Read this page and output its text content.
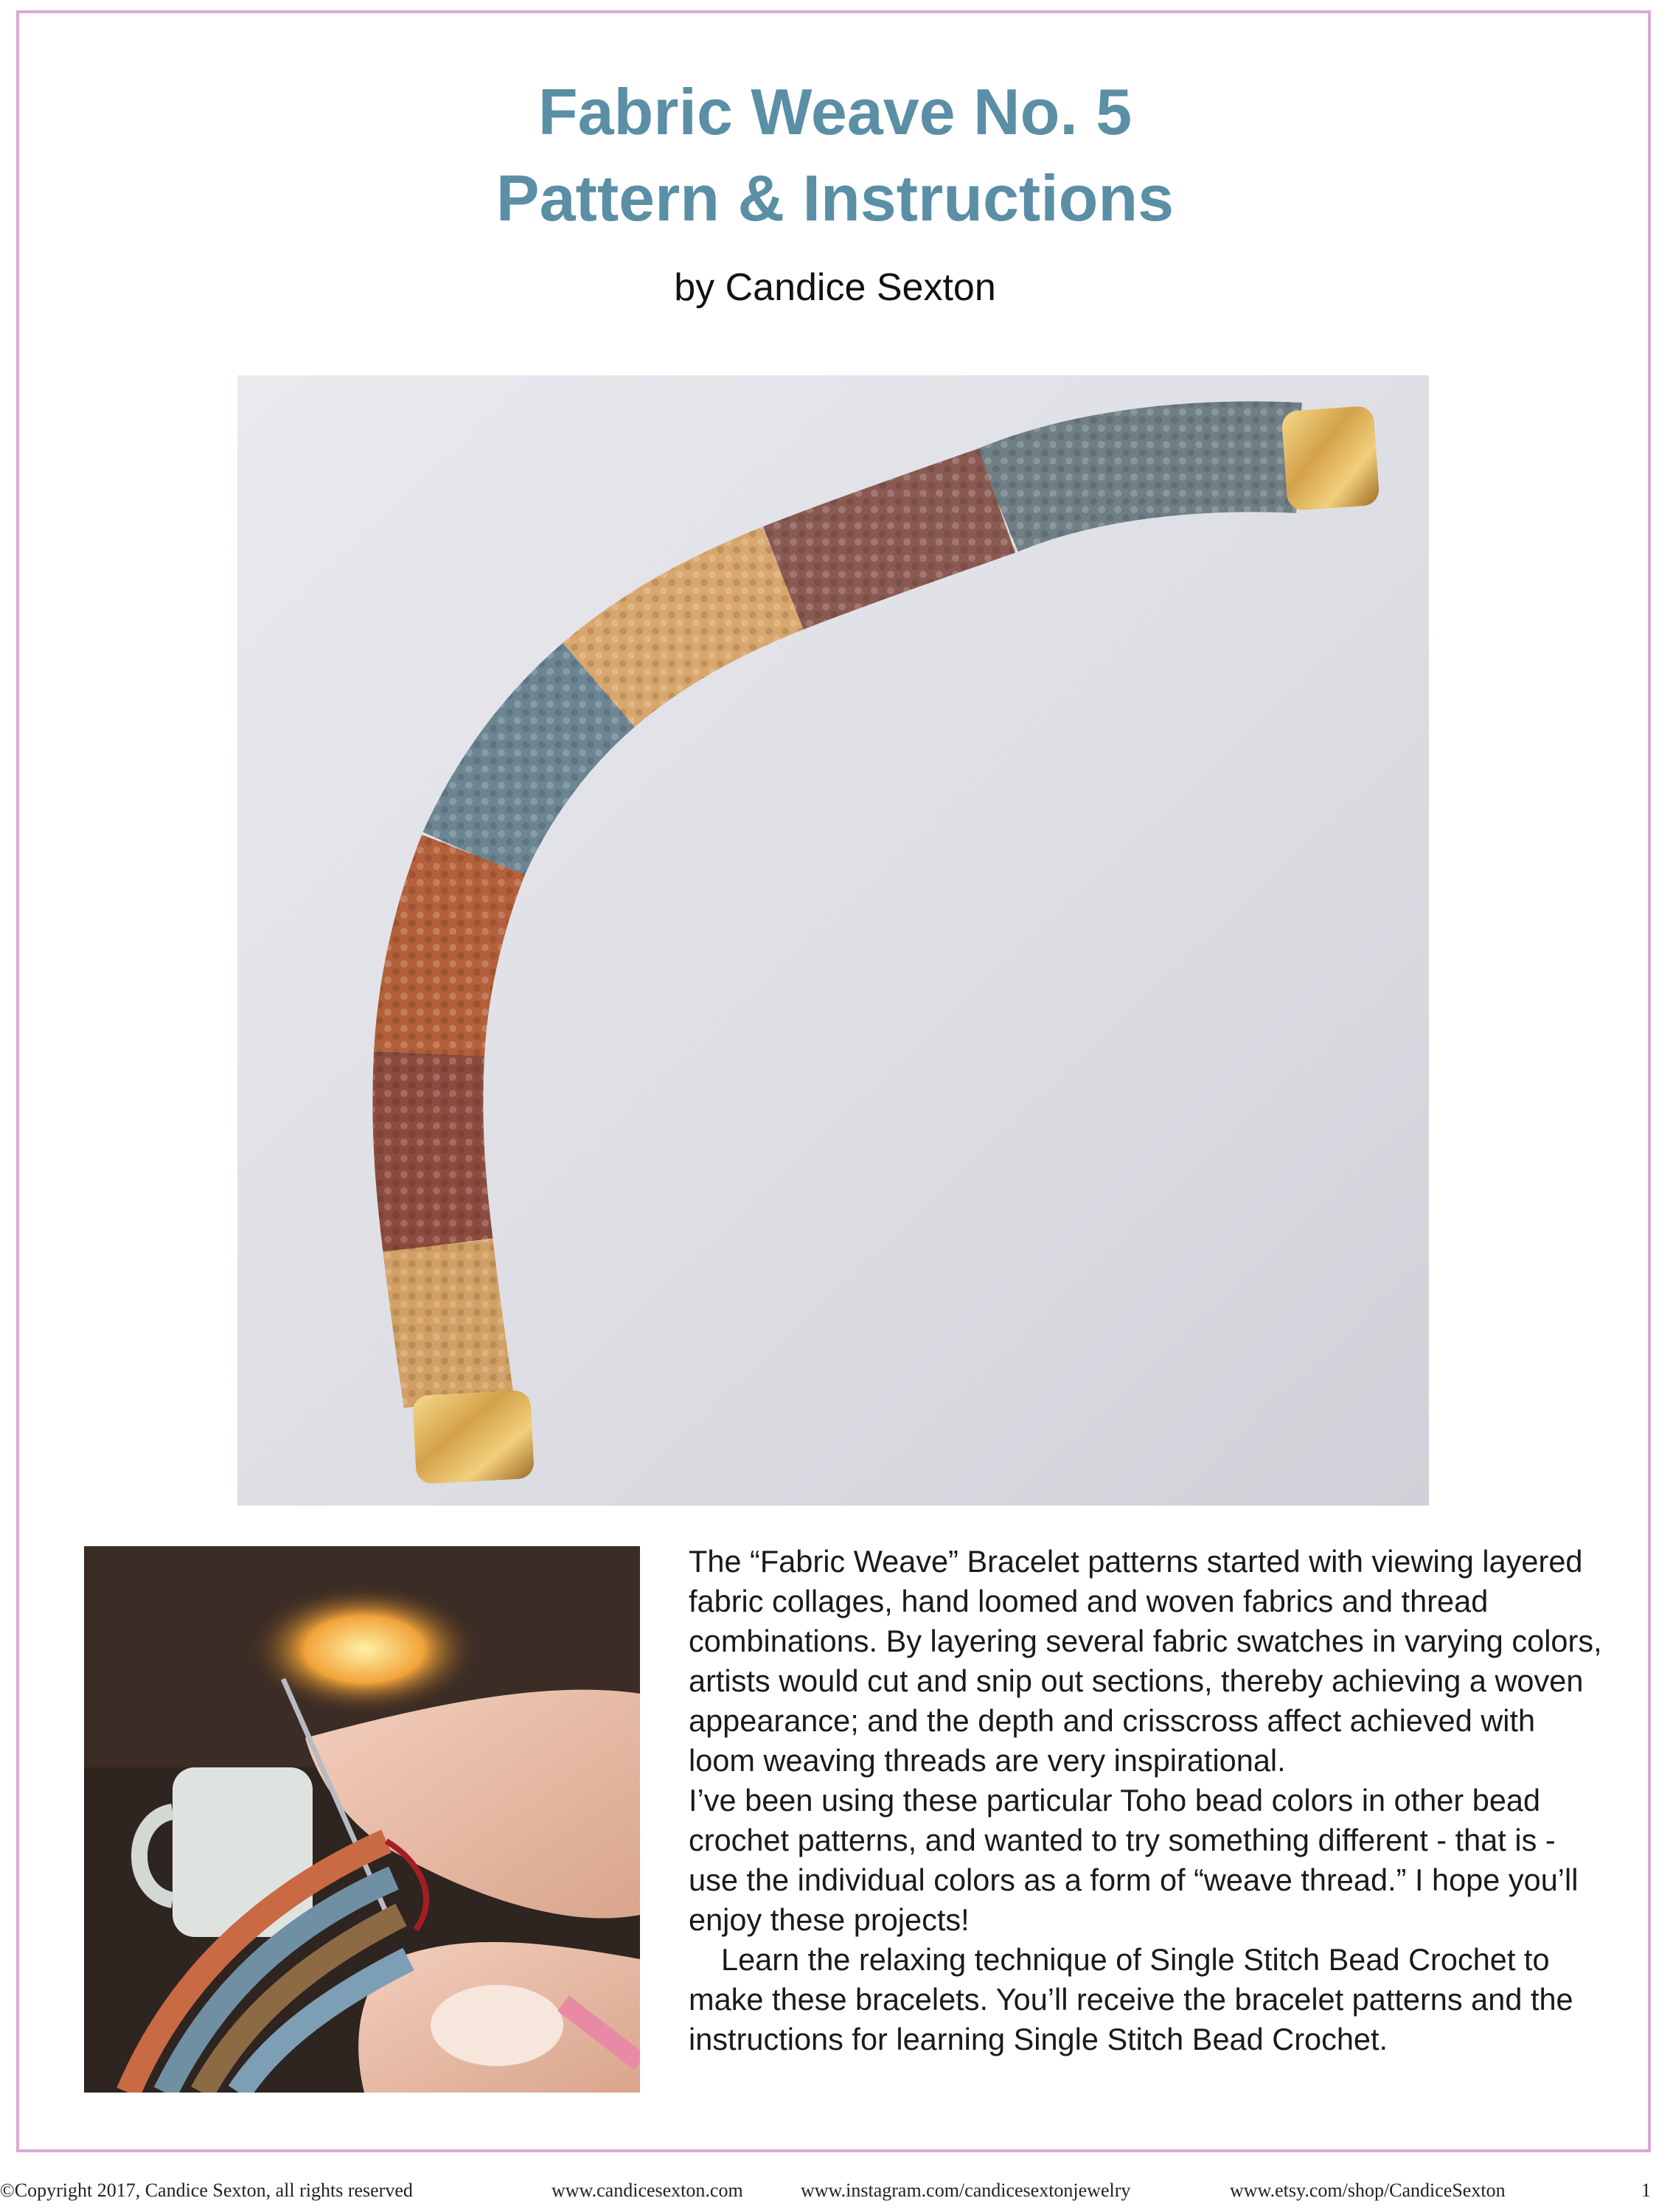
Fabric Weave No. 5
Pattern & Instructions
by Candice Sexton

The “Fabric Weave” Bracelet patterns started with viewing layered fabric collages, hand loomed and woven fabrics and thread combinations. By layering several fabric swatches in varying colors, artists would cut and snip out sections, thereby achieving a woven appearance; and the depth and crisscross affect achieved with loom weaving threads are very inspirational.

I’ve been using these particular Toho bead colors in other bead crochet patterns, and wanted to try something different - that is - use the individual colors as a form of “weave thread.” I hope you’ll enjoy these projects!

Learn the relaxing technique of Single Stitch Bead Crochet to make these bracelets. You’ll receive the bracelet patterns and the instructions for learning Single Stitch Bead Crochet.

©Copyright 2017, Candice Sexton, all rights reserved	www.candicesexton.com	www.instagram.com/candicesextonjewelry	www.etsy.com/shop/CandiceSexton	1
